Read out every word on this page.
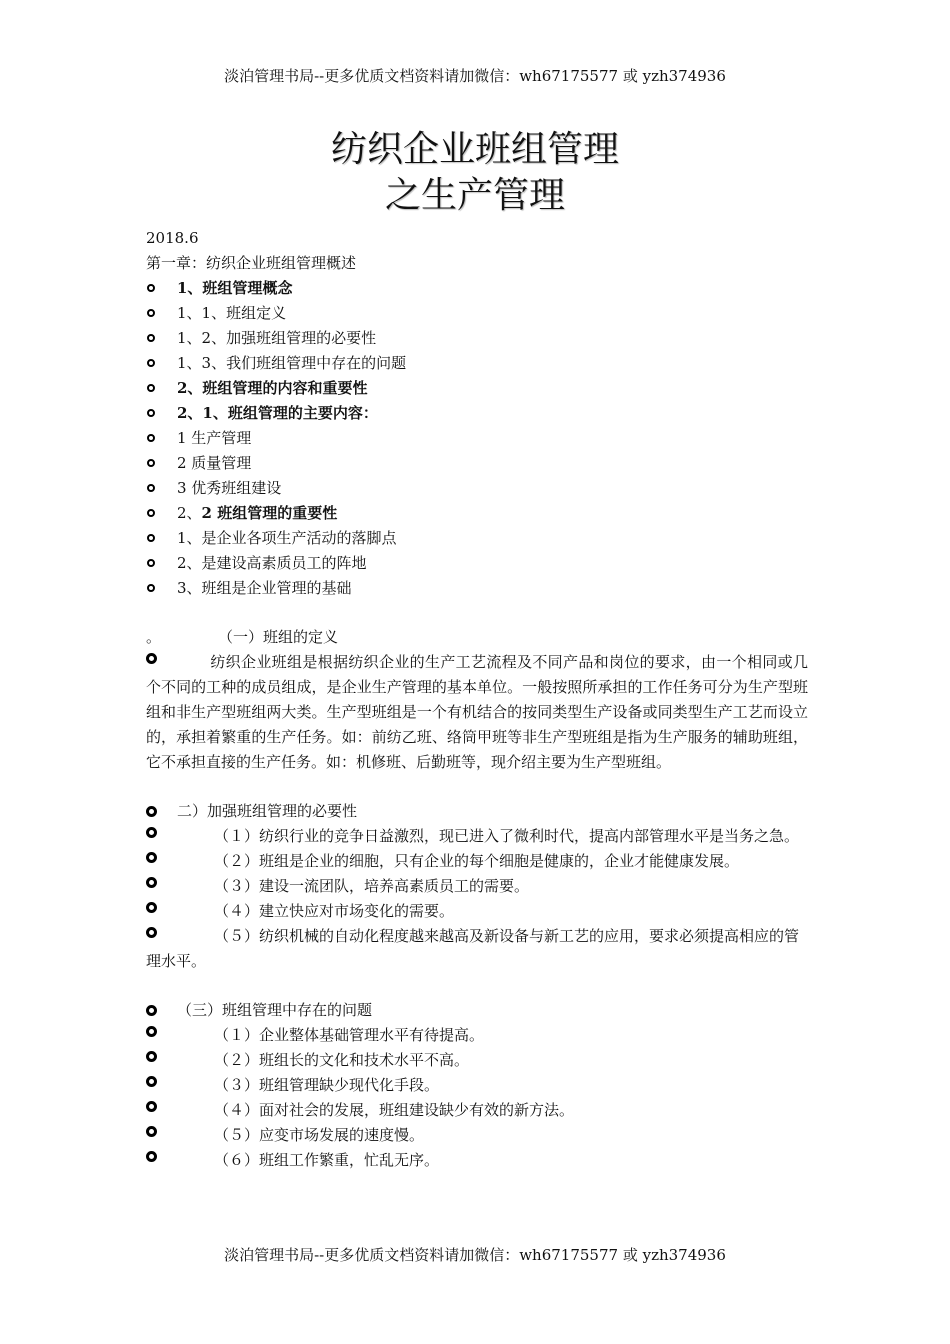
淡泊管理书局--更多优质文档资料请加微信：wh67175577 或 yzh374936
纺织企业班组管理
之生产管理
2018.6
第一章：纺织企业班组管理概述
1、班组管理概念
1、1、班组定义
1、2、加强班组管理的必要性
1、3、我们班组管理中存在的问题
2、班组管理的内容和重要性
2、1、班组管理的主要内容：
1 生产管理
2 质量管理
3 优秀班组建设
2、2 班组管理的重要性
1、是企业各项生产活动的落脚点
2、是建设高素质员工的阵地
3、班组是企业管理的基础
。	（一）班组的定义
纺织企业班组是根据纺织企业的生产工艺流程及不同产品和岗位的要求，由一个相同或几个不同的工种的成员组成，是企业生产管理的基本单位。一般按照所承担的工作任务可分为生产型班组和非生产型班组两大类。生产型班组是一个有机结合的按同类型生产设备或同类型生产工艺而设立的，承担着繁重的生产任务。如：前纺乙班、络筒甲班等非生产型班组是指为生产服务的辅助班组，它不承担直接的生产任务。如：机修班、后勤班等，现介绍主要为生产型班组。
二）加强班组管理的必要性
（１）纺织行业的竞争日益激烈，现已进入了微利时代，提高内部管理水平是当务之急。
（２）班组是企业的细胞，只有企业的每个细胞是健康的，企业才能健康发展。
（３）建设一流团队，培养高素质员工的需要。
（４）建立快应对市场变化的需要。
（５）纺织机械的自动化程度越来越高及新设备与新工艺的应用，要求必须提高相应的管理水平。
（三）班组管理中存在的问题
（１）企业整体基础管理水平有待提高。
（２）班组长的文化和技术水平不高。
（３）班组管理缺少现代化手段。
（４）面对社会的发展，班组建设缺少有效的新方法。
（５）应变市场发展的速度慢。
（６）班组工作繁重，忙乱无序。
淡泊管理书局--更多优质文档资料请加微信：wh67175577 或 yzh374936
